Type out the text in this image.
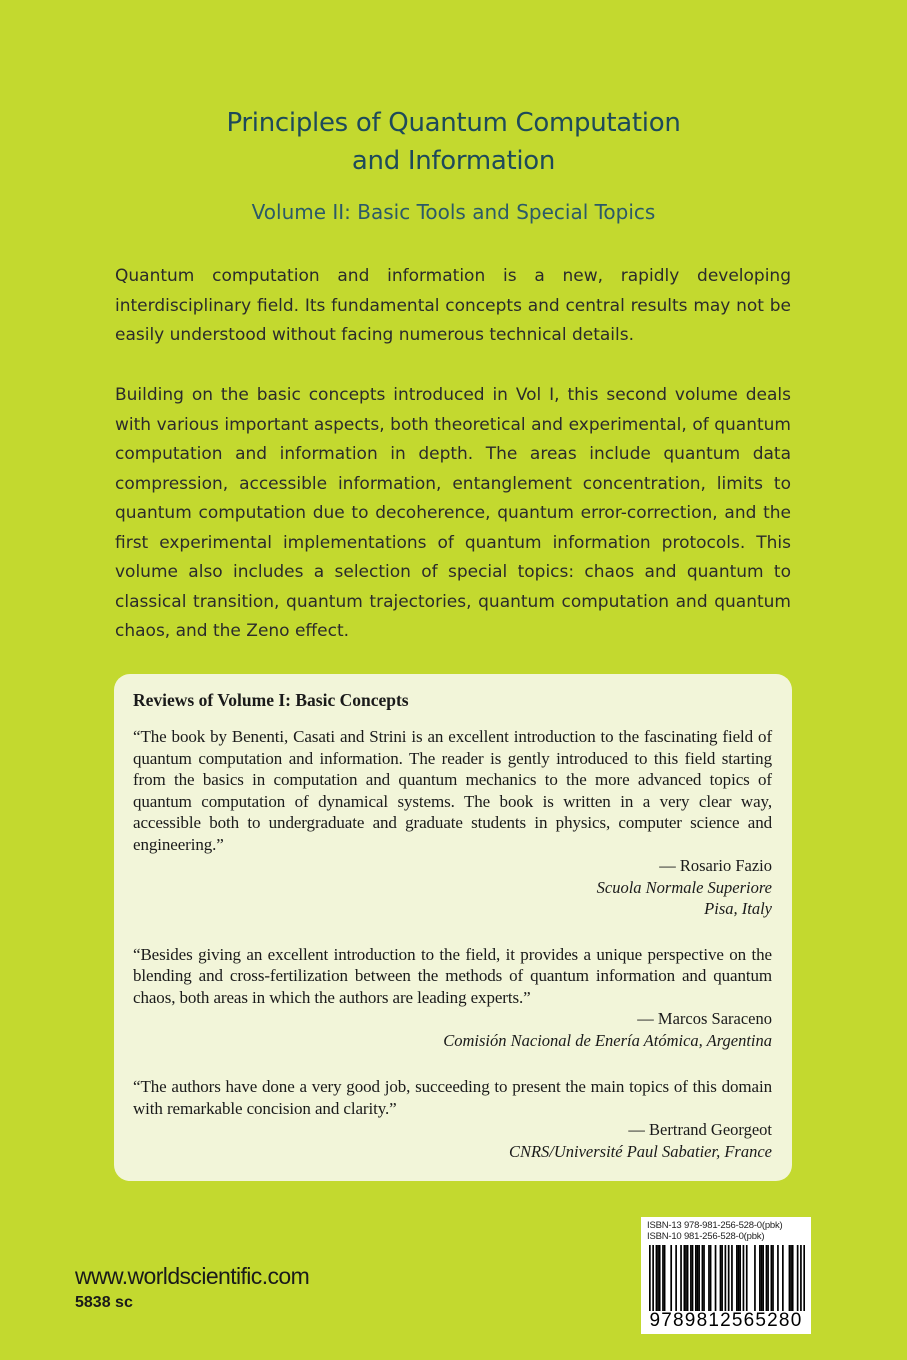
Principles of Quantum Computation
and Information
Volume II: Basic Tools and Special Topics

Quantum computation and information is a new, rapidly developing interdisciplinary field. Its fundamental concepts and central results may not be easily understood without facing numerous technical details.

Building on the basic concepts introduced in Vol I, this second volume deals with various important aspects, both theoretical and experimental, of quantum computation and information in depth. The areas include quantum data compression, accessible information, entanglement concentration, limits to quantum computation due to decoherence, quantum error-correction, and the first experimental implementations of quantum information protocols. This volume also includes a selection of special topics: chaos and quantum to classical transition, quantum trajectories, quantum computation and quantum chaos, and the Zeno effect.

Reviews of Volume I: Basic Concepts

“The book by Benenti, Casati and Strini is an excellent introduction to the fascinating field of quantum computation and information. The reader is gently introduced to this field starting from the basics in computation and quantum mechanics to the more advanced topics of quantum computation of dynamical systems. The book is written in a very clear way, accessible both to undergraduate and graduate students in physics, computer science and engineering.”

— Rosario Fazio
Scuola Normale Superiore
Pisa, Italy

“Besides giving an excellent introduction to the field, it provides a unique perspective on the blending and cross-fertilization between the methods of quantum information and quantum chaos, both areas in which the authors are leading experts.”

— Marcos Saraceno
Comisión Nacional de Enería Atómica, Argentina

“The authors have done a very good job, succeeding to present the main topics of this domain with remarkable concision and clarity.”

— Bertrand Georgeot
CNRS/Université Paul Sabatier, France

www.worldscientific.com
5838 sc
ISBN-13 978-981-256-528-0(pbk)
ISBN-10 981-256-528-0(pbk)
9789812565280
